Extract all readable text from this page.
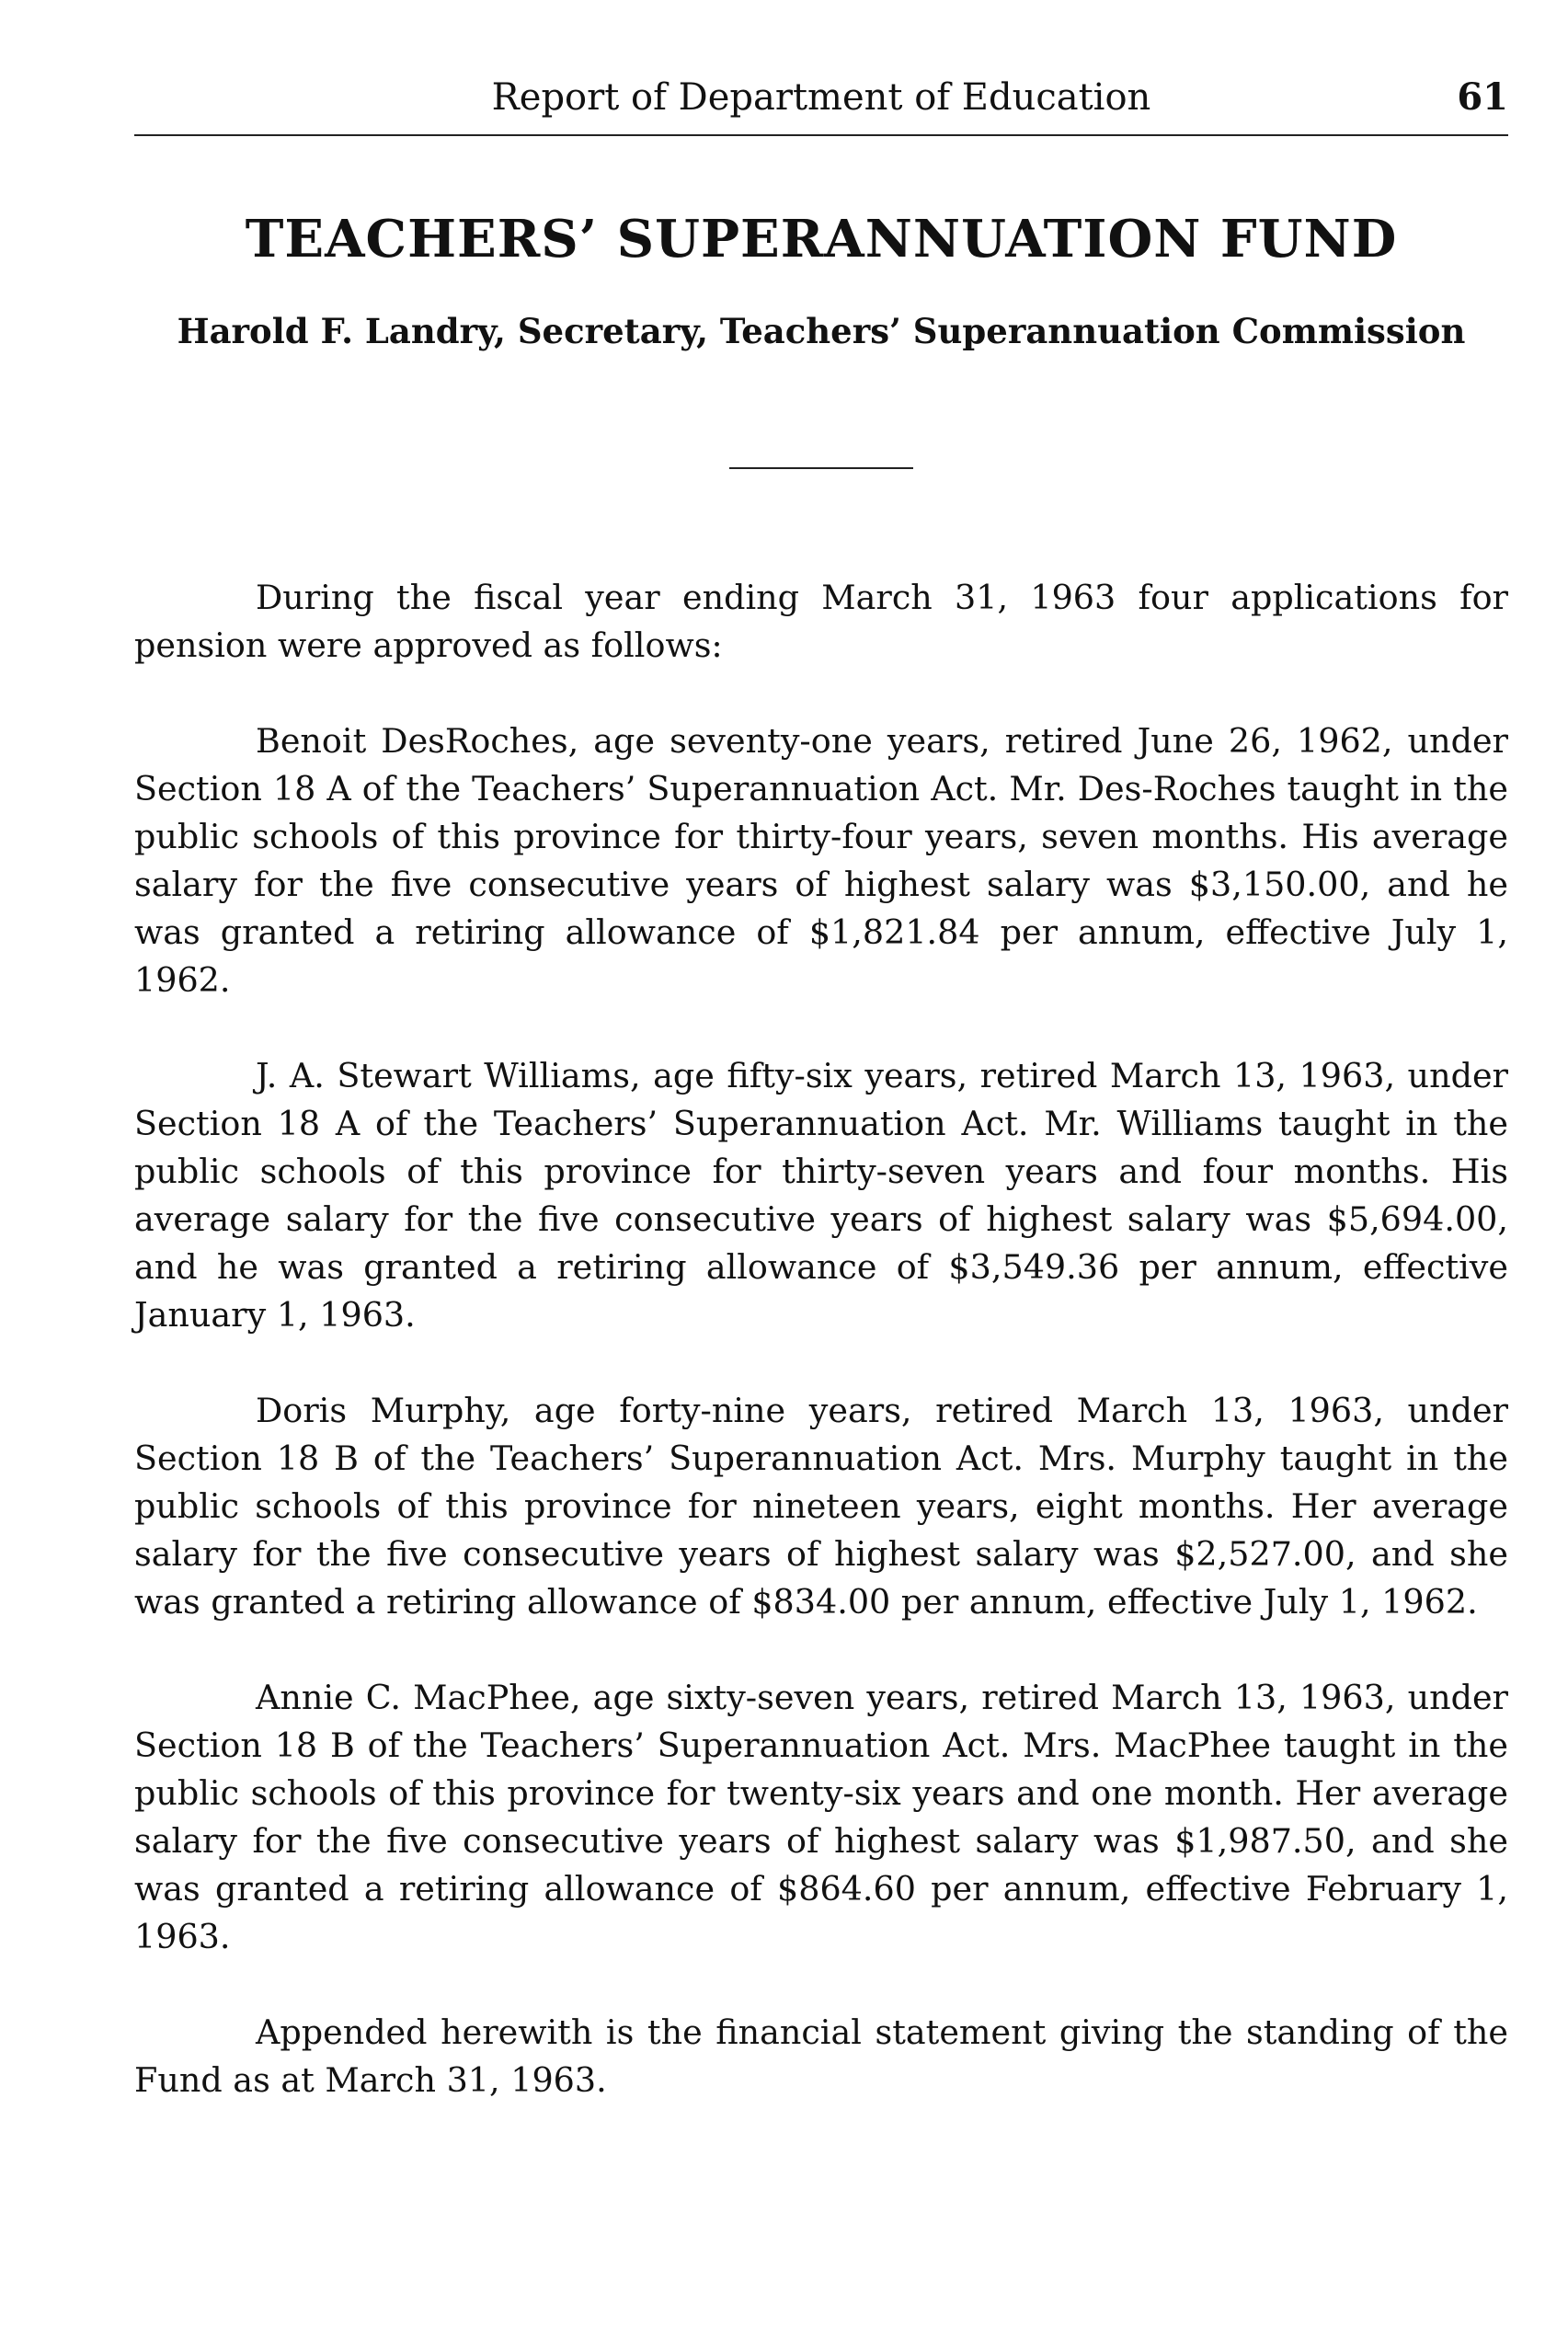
Report of Department of Education	61
TEACHERS’ SUPERANNUATION FUND
Harold F. Landry, Secretary, Teachers’ Superannuation Commission

During the fiscal year ending March 31, 1963 four applications for pension were approved as follows:

Benoit DesRoches, age seventy-one years, retired June 26, 1962, under Section 18 A of the Teachers’ Superannuation Act. Mr. Des-Roches taught in the public schools of this province for thirty-four years, seven months. His average salary for the five consecutive years of highest salary was $3,150.00, and he was granted a retiring allowance of $1,821.84 per annum, effective July 1, 1962.

J. A. Stewart Williams, age fifty-six years, retired March 13, 1963, under Section 18 A of the Teachers’ Superannuation Act. Mr. Williams taught in the public schools of this province for thirty-seven years and four months. His average salary for the five consecutive years of highest salary was $5,694.00, and he was granted a retiring allowance of $3,549.36 per annum, effective January 1, 1963.

Doris Murphy, age forty-nine years, retired March 13, 1963, under Section 18 B of the Teachers’ Superannuation Act. Mrs. Murphy taught in the public schools of this province for nineteen years, eight months. Her average salary for the five consecutive years of highest salary was $2,527.00, and she was granted a retiring allowance of $834.00 per annum, effective July 1, 1962.

Annie C. MacPhee, age sixty-seven years, retired March 13, 1963, under Section 18 B of the Teachers’ Superannuation Act. Mrs. MacPhee taught in the public schools of this province for twenty-six years and one month. Her average salary for the five consecutive years of highest salary was $1,987.50, and she was granted a retiring allowance of $864.60 per annum, effective February 1, 1963.

Appended herewith is the financial statement giving the standing of the Fund as at March 31, 1963.
